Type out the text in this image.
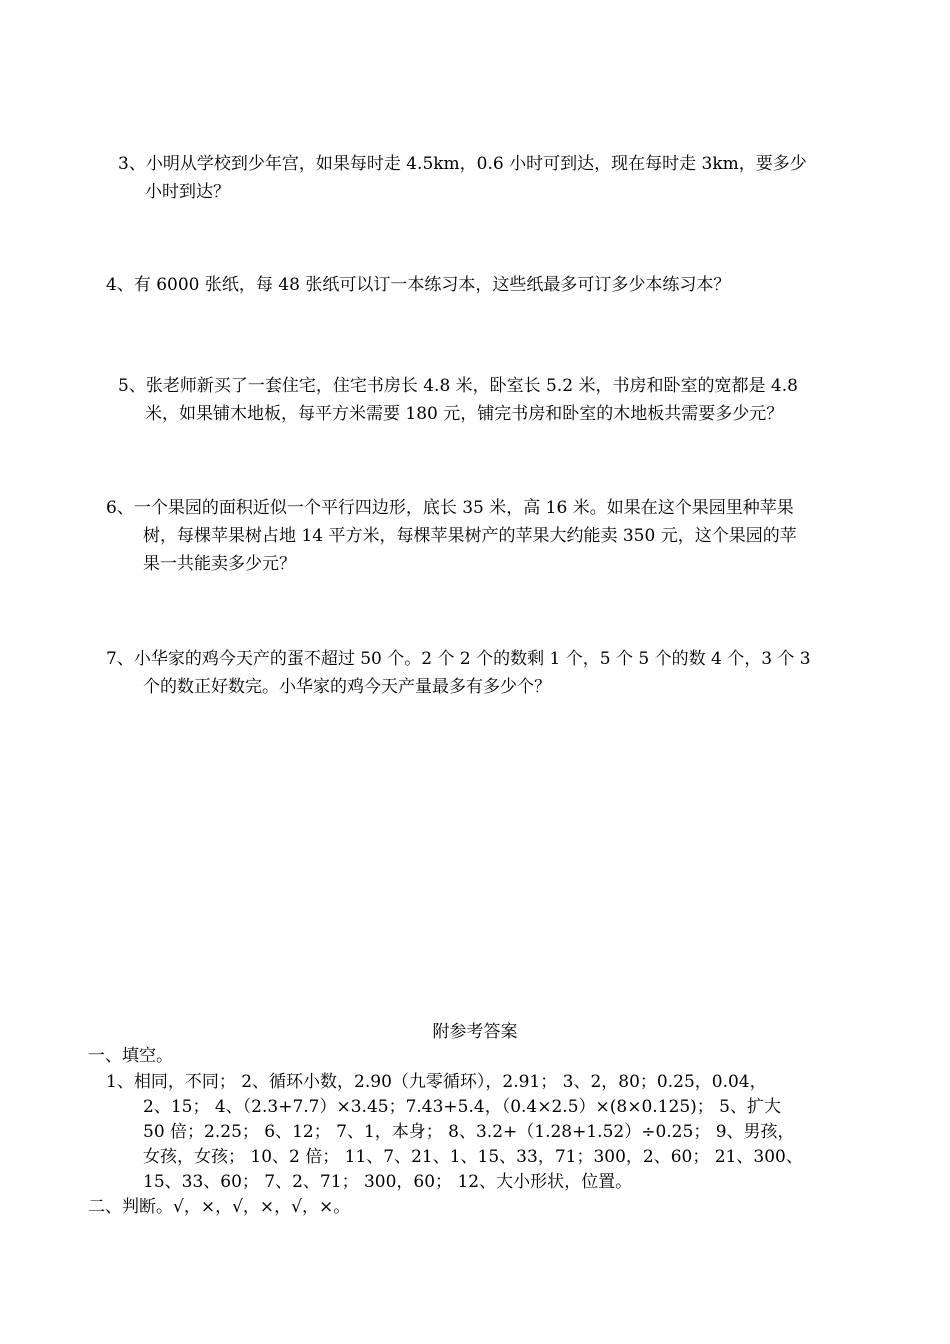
3、小明从学校到少年宫，如果每时走 4.5km，0.6 小时可到达，现在每时走 3km，要多少
小时到达？
4、有 6000 张纸，每 48 张纸可以订一本练习本，这些纸最多可订多少本练习本？
5、张老师新买了一套住宅，住宅书房长 4.8 米，卧室长 5.2 米，书房和卧室的宽都是 4.8
米，如果铺木地板，每平方米需要 180 元，铺完书房和卧室的木地板共需要多少元？
6、一个果园的面积近似一个平行四边形，底长 35 米，高 16 米。如果在这个果园里种苹果
树，每棵苹果树占地 14 平方米，每棵苹果树产的苹果大约能卖 350 元，这个果园的苹
果一共能卖多少元？
7、小华家的鸡今天产的蛋不超过 50 个。2 个 2 个的数剩 1 个，5 个 5 个的数 4 个，3 个 3
个的数正好数完。小华家的鸡今天产量最多有多少个？

附参考答案

一、填空。

1、相同，不同； 2、循环小数，2.90（九零循环），2.91； 3、2，80；0.25，0.04，

2、15； 4、（2.3+7.7）×3.45；7.43+5.4，（0.4×2.5）×(8×0.125)； 5、扩大

50 倍；2.25； 6、12； 7、1，本身； 8、3.2+（1.28+1.52）÷0.25； 9、男孩，

女孩，女孩； 10、2 倍； 11、7、21、1、15、33，71；300，2、60； 21、300、

15、33、60； 7、2、71； 300，60； 12、大小形状，位置。

二、判断。√，×，√，×，√，×。
